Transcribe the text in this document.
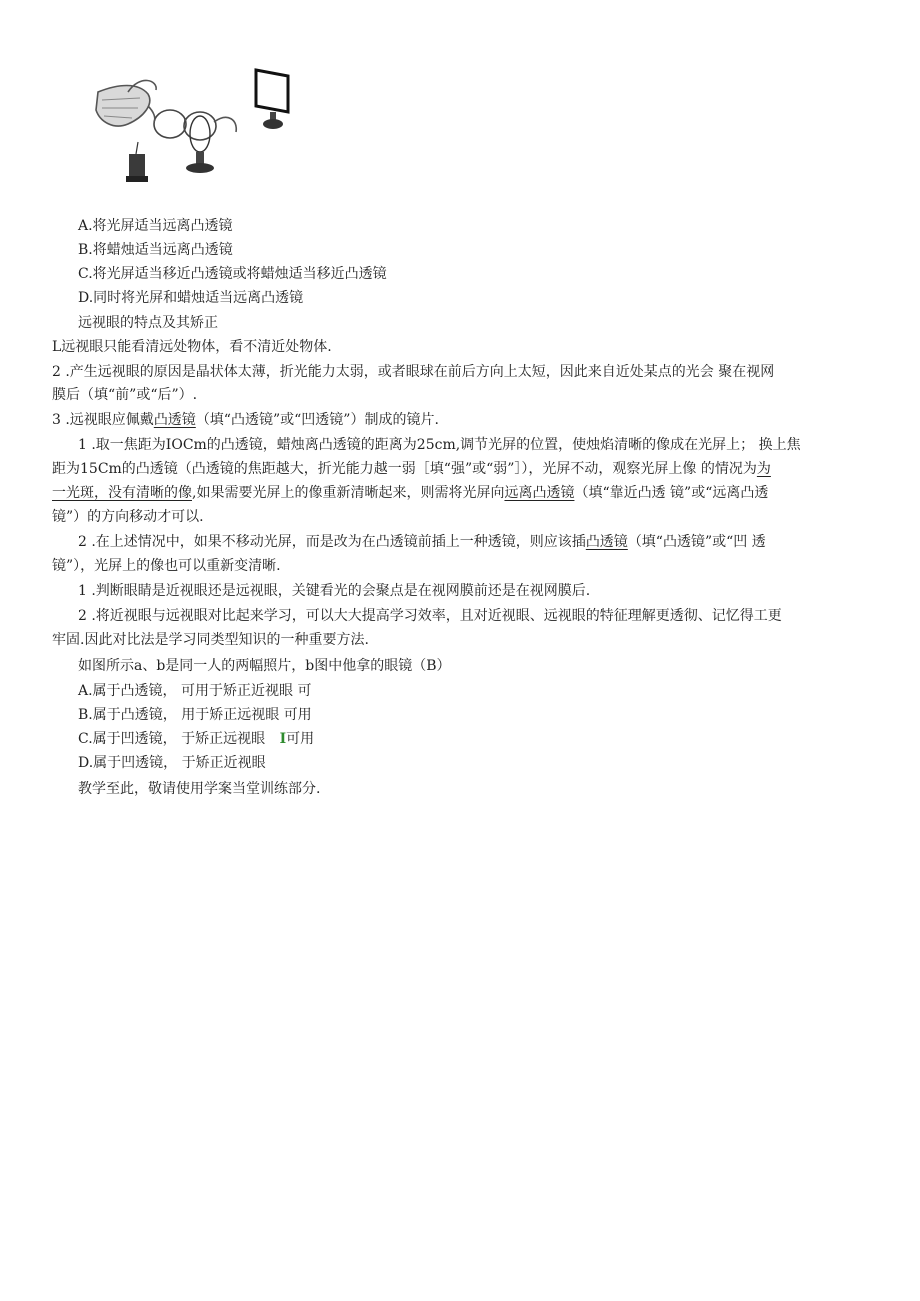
A.将光屏适当远离凸透镜
B.将蜡烛适当远离凸透镜
C.将光屏适当移近凸透镜或将蜡烛适当移近凸透镜
D.同时将光屏和蜡烛适当远离凸透镜
远视眼的特点及其矫正
L远视眼只能看清远处物体，看不清近处物体.
2 .产生远视眼的原因是晶状体太薄，折光能力太弱，或者眼球在前后方向上太短，因此来自近处某点的光会 聚在视网
膜后（填“前”或“后”）.
3 .远视眼应佩戴凸透镜（填“凸透镜”或“凹透镜”）制成的镜片.
1 .取一焦距为IOCm的凸透镜，蜡烛离凸透镜的距离为25cm,调节光屏的位置，使烛焰清晰的像成在光屏上； 换上焦
距为15Cm的凸透镜（凸透镜的焦距越大，折光能力越一弱［填“强”或“弱”］），光屏不动，观察光屏上像 的情况为为
一光斑，没有清晰的像,如果需要光屏上的像重新清晰起来，则需将光屏向远离凸透镜（填“靠近凸透 镜”或“远离凸透
镜”）的方向移动才可以.
2 .在上述情况中，如果不移动光屏，而是改为在凸透镜前插上一种透镜，则应该插凸透镜（填“凸透镜”或“凹 透
镜”），光屏上的像也可以重新变清晰.
1 .判断眼睛是近视眼还是远视眼，关键看光的会聚点是在视网膜前还是在视网膜后.
2 .将近视眼与远视眼对比起来学习，可以大大提高学习效率，且对近视眼、远视眼的特征理解更透彻、记忆得工更
牢固.因此对比法是学习同类型知识的一种重要方法.
如图所示a、b是同一人的两幅照片，b图中他拿的眼镜（B）
A.属于凸透镜， 可用于矫正近视眼 可
B.属于凸透镜， 用于矫正远视眼 可用
C.属于凹透镜， 于矫正远视眼 I可用
D.属于凹透镜， 于矫正近视眼
教学至此，敬请使用学案当堂训练部分.
